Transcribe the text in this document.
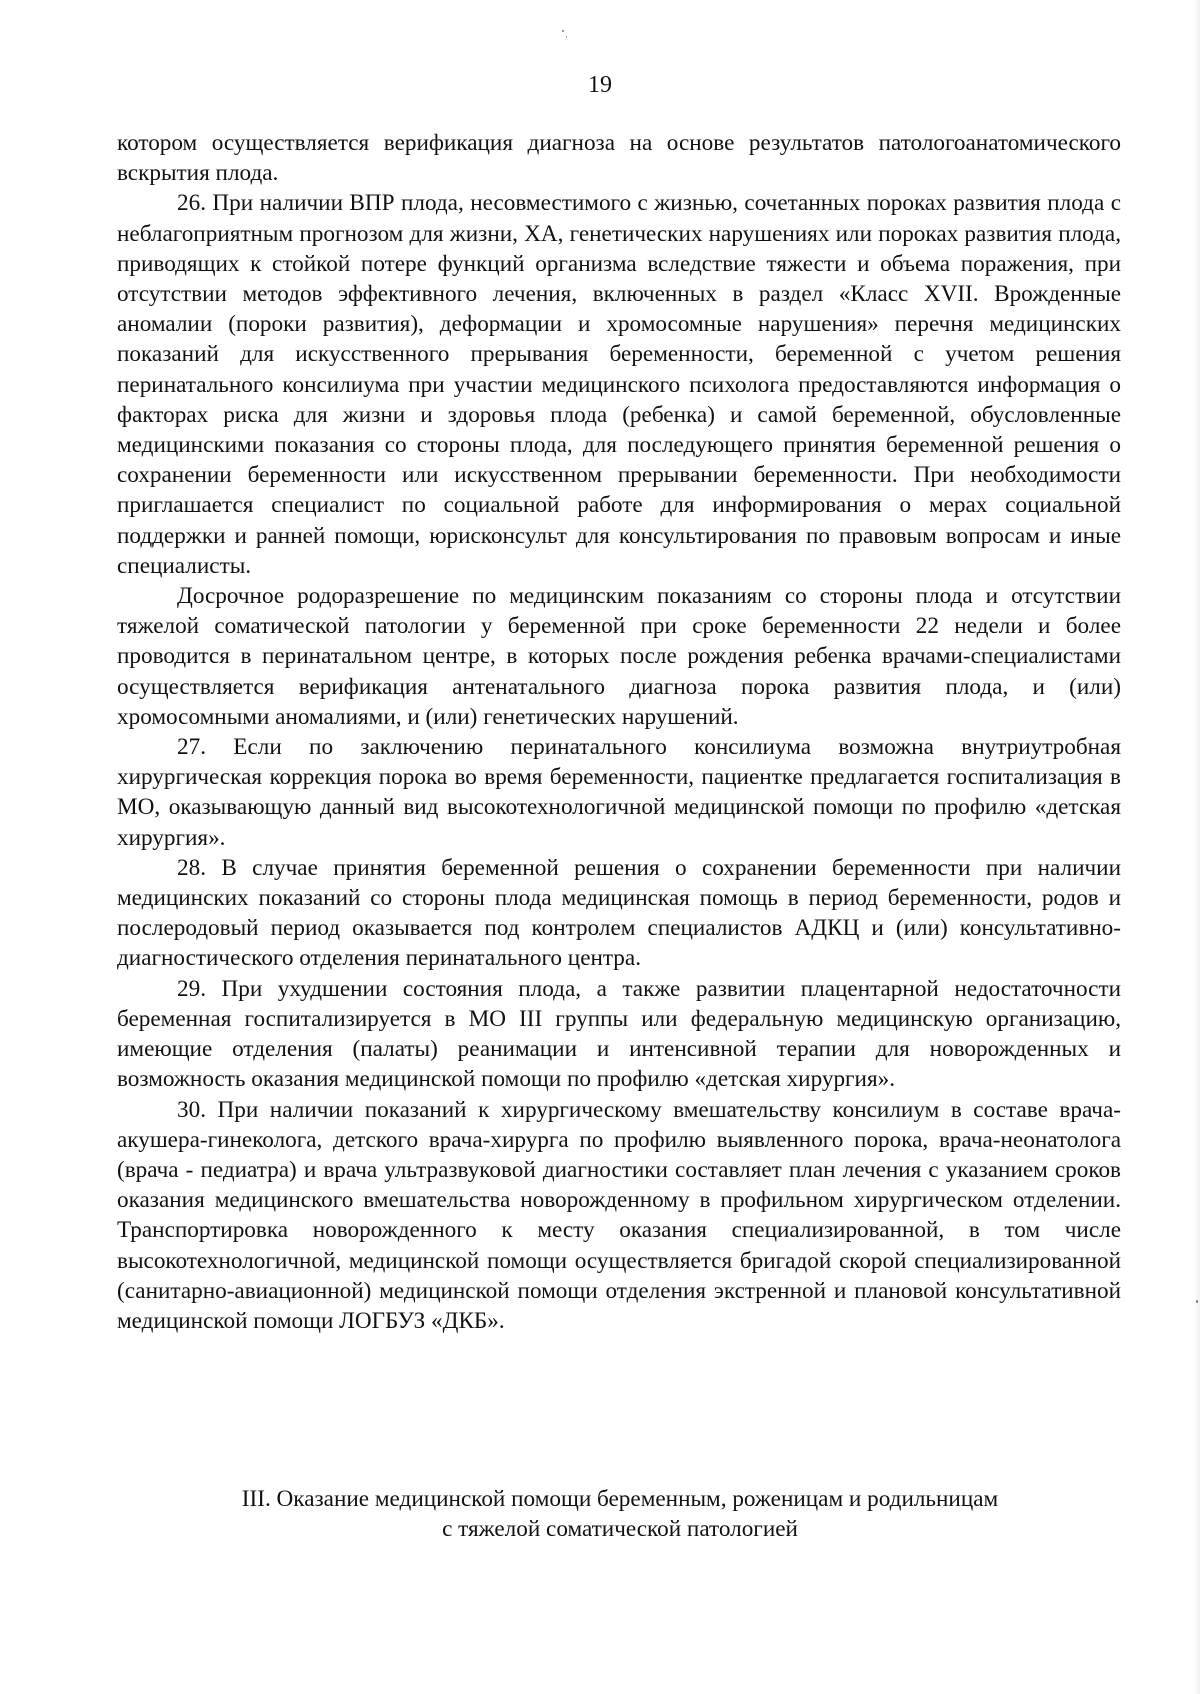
19

котором осуществляется верификация диагноза на основе результатов патологоанатомического вскрытия плода.

26. При наличии ВПР плода, несовместимого с жизнью, сочетанных пороках развития плода с неблагоприятным прогнозом для жизни, ХА, генетических нарушениях или пороках развития плода, приводящих к стойкой потере функций организма вследствие тяжести и объема поражения, при отсутствии методов эффективного лечения, включенных в раздел «Класс XVII. Врожденные аномалии (пороки развития), деформации и хромосомные нарушения» перечня медицинских показаний для искусственного прерывания беременности, беременной с учетом решения перинатального консилиума при участии медицинского психолога предоставляются информация о факторах риска для жизни и здоровья плода (ребенка) и самой беременной, обусловленные медицинскими показания со стороны плода, для последующего принятия беременной решения о сохранении беременности или искусственном прерывании беременности. При необходимости приглашается специалист по социальной работе для информирования о мерах социальной поддержки и ранней помощи, юрисконсульт для консультирования по правовым вопросам и иные специалисты.

Досрочное родоразрешение по медицинским показаниям со стороны плода и отсутствии тяжелой соматической патологии у беременной при сроке беременности 22 недели и более проводится в перинатальном центре, в которых после рождения ребенка врачами-специалистами осуществляется верификация антенатального диагноза порока развития плода, и (или) хромосомными аномалиями, и (или) генетических нарушений.

27. Если по заключению перинатального консилиума возможна внутриутробная хирургическая коррекция порока во время беременности, пациентке предлагается госпитализация в МО, оказывающую данный вид высокотехнологичной медицинской помощи по профилю «детская хирургия».

28. В случае принятия беременной решения о сохранении беременности при наличии медицинских показаний со стороны плода медицинская помощь в период беременности, родов и послеродовый период оказывается под контролем специалистов АДКЦ и (или) консультативно-диагностического отделения перинатального центра.

29. При ухудшении состояния плода, а также развитии плацентарной недостаточности беременная госпитализируется в МО III группы или федеральную медицинскую организацию, имеющие отделения (палаты) реанимации и интенсивной терапии для новорожденных и возможность оказания медицинской помощи по профилю «детская хирургия».

30. При наличии показаний к хирургическому вмешательству консилиум в составе врача-акушера-гинеколога, детского врача-хирурга по профилю выявленного порока, врача-неонатолога (врача - педиатра) и врача ультразвуковой диагностики составляет план лечения с указанием сроков оказания медицинского вмешательства новорожденному в профильном хирургическом отделении. Транспортировка новорожденного к месту оказания специализированной, в том числе высокотехнологичной, медицинской помощи осуществляется бригадой скорой специализированной (санитарно-авиационной) медицинской помощи отделения экстренной и плановой консультативной медицинской помощи ЛОГБУЗ «ДКБ».

III. Оказание медицинской помощи беременным, роженицам и родильницам
с тяжелой соматической патологией
